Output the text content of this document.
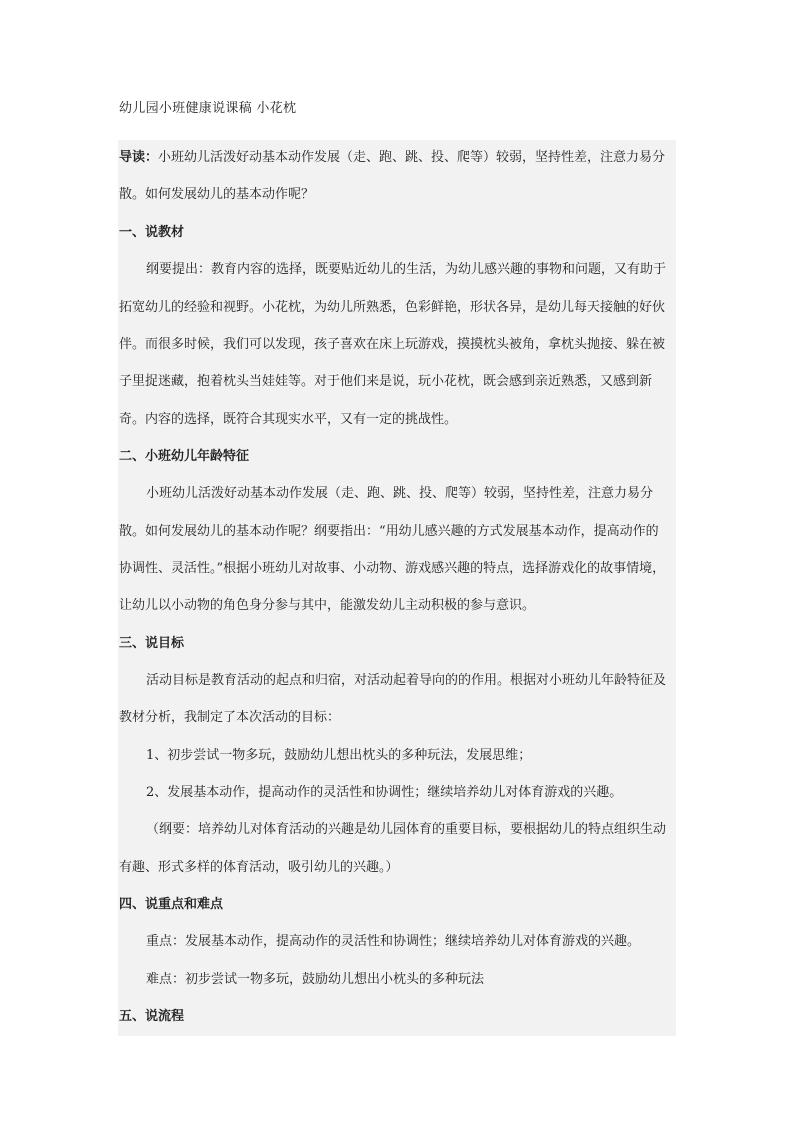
幼儿园小班健康说课稿 小花枕
导读：小班幼儿活泼好动基本动作发展（走、跑、跳、投、爬等）较弱，坚持性差，注意力易分
散。如何发展幼儿的基本动作呢？
一、说教材
纲要提出：教育内容的选择，既要贴近幼儿的生活，为幼儿感兴趣的事物和问题，又有助于
拓宽幼儿的经验和视野。小花枕，为幼儿所熟悉，色彩鲜艳，形状各异，是幼儿每天接触的好伙
伴。而很多时候，我们可以发现，孩子喜欢在床上玩游戏，摸摸枕头被角，拿枕头抛接、躲在被
子里捉迷藏，抱着枕头当娃娃等。对于他们来是说，玩小花枕，既会感到亲近熟悉，又感到新
奇。内容的选择，既符合其现实水平，又有一定的挑战性。
二、小班幼儿年龄特征
小班幼儿活泼好动基本动作发展（走、跑、跳、投、爬等）较弱，坚持性差，注意力易分
散。如何发展幼儿的基本动作呢？纲要指出：“用幼儿感兴趣的方式发展基本动作，提高动作的
协调性、灵活性。”根据小班幼儿对故事、小动物、游戏感兴趣的特点，选择游戏化的故事情境，
让幼儿以小动物的角色身分参与其中，能激发幼儿主动积极的参与意识。
三、说目标
活动目标是教育活动的起点和归宿，对活动起着导向的的作用。根据对小班幼儿年龄特征及
教材分析，我制定了本次活动的目标：
1、初步尝试一物多玩，鼓励幼儿想出枕头的多种玩法，发展思维；
2、发展基本动作，提高动作的灵活性和协调性；继续培养幼儿对体育游戏的兴趣。
（纲要：培养幼儿对体育活动的兴趣是幼儿园体育的重要目标，要根据幼儿的特点组织生动
有趣、形式多样的体育活动，吸引幼儿的兴趣。）
四、说重点和难点
重点：发展基本动作，提高动作的灵活性和协调性；继续培养幼儿对体育游戏的兴趣。
难点：初步尝试一物多玩，鼓励幼儿想出小枕头的多种玩法
五、说流程
